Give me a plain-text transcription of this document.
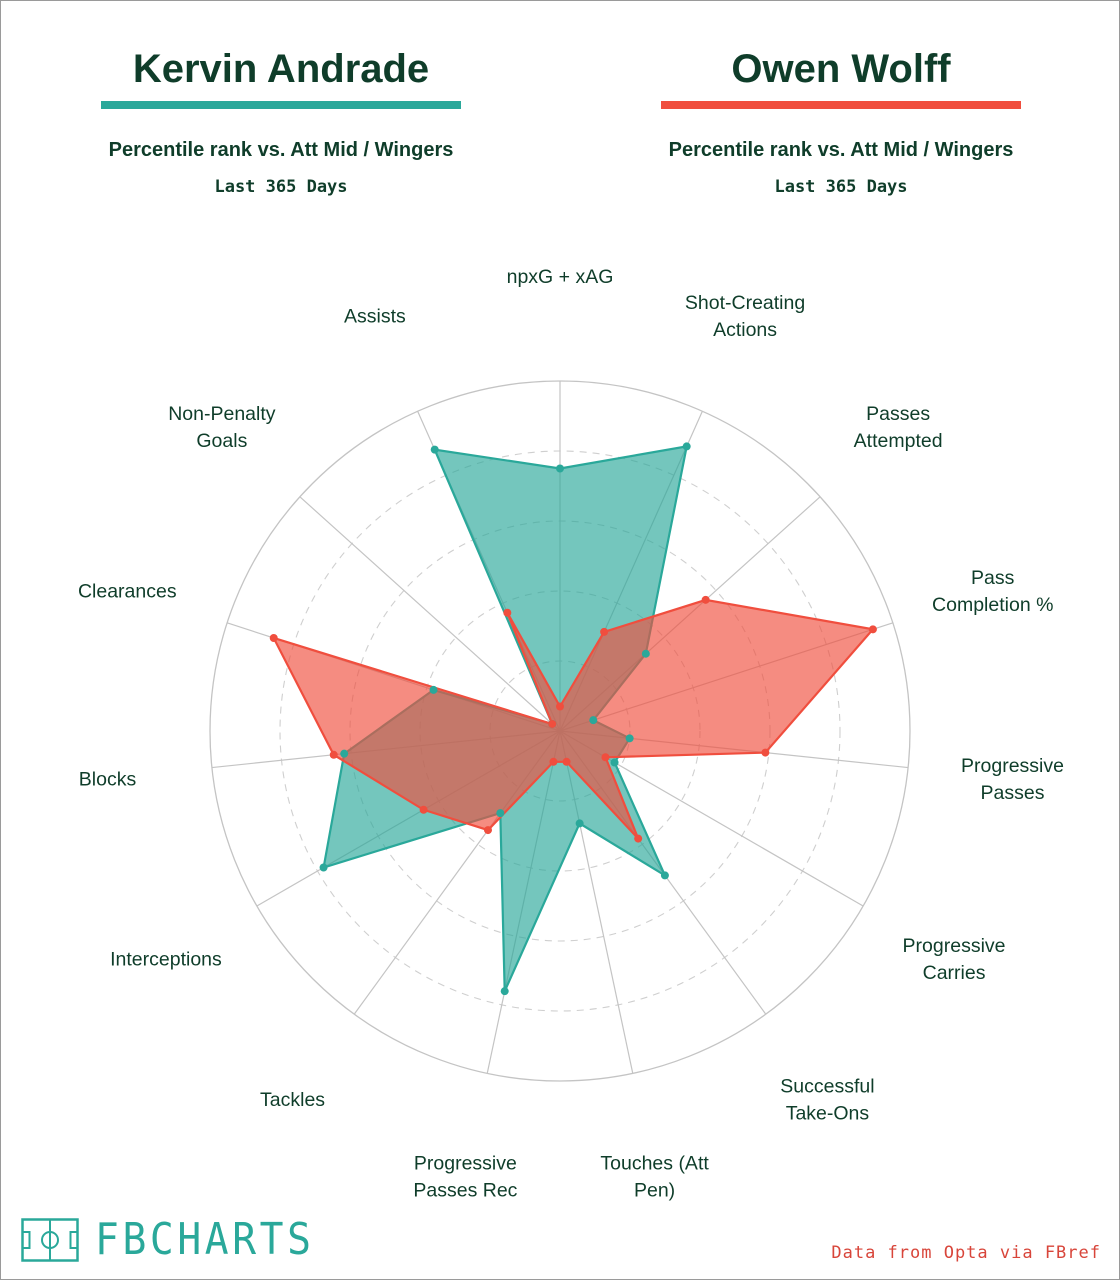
Kervin Andrade
Percentile rank vs. Att Mid / Wingers
Last 365 Days
Owen Wolff
Percentile rank vs. Att Mid / Wingers
Last 365 Days
npxG + xAG
Shot-Creating Actions
Passes Attempted
Pass Completion %
Progressive Passes
Progressive Carries
Successful Take-Ons
Touches (Att Pen)
Progressive Passes Rec
Tackles
Interceptions
Blocks
Clearances
Non-Penalty Goals
Assists
FBCHARTS	Data from Opta via FBref
